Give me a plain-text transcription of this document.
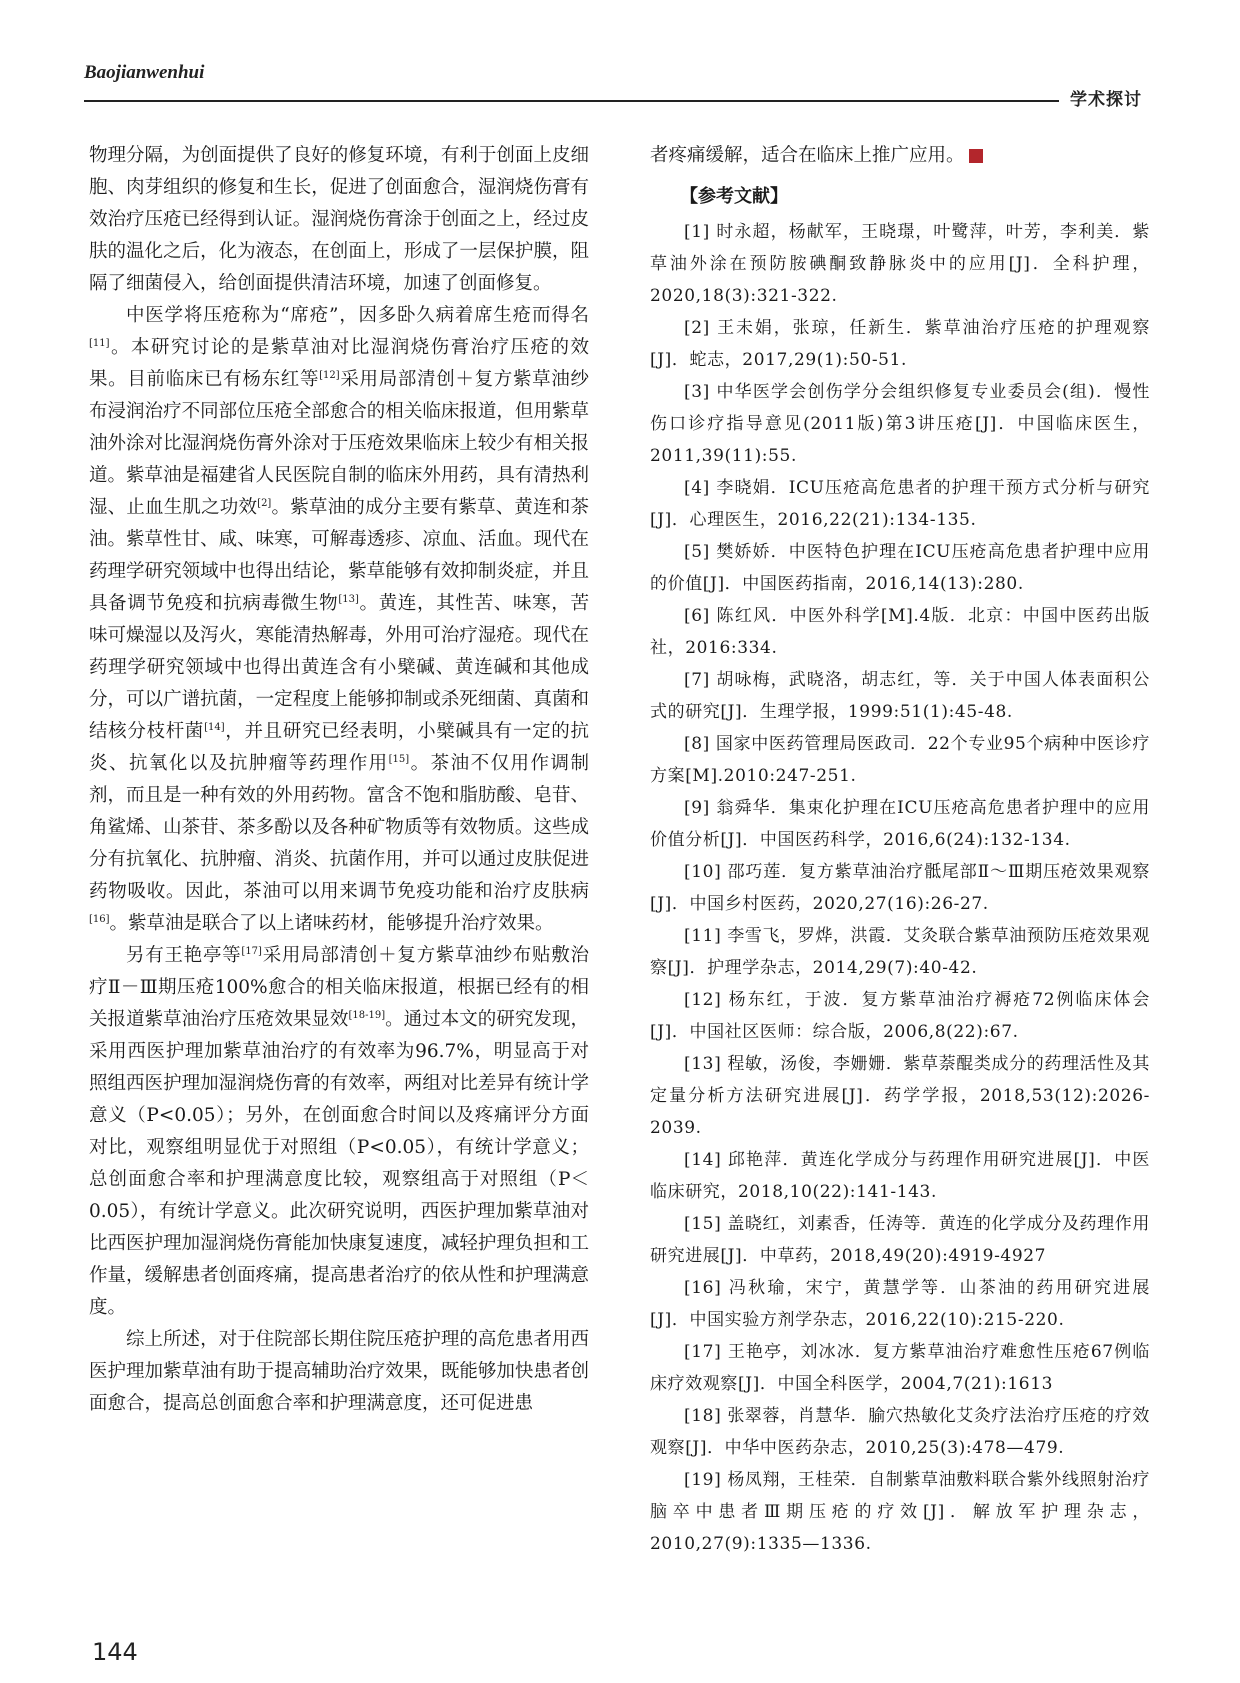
Baojianwenhui
学术探讨

物理分隔，为创面提供了良好的修复环境，有利于创面上皮细胞、肉芽组织的修复和生长，促进了创面愈合，湿润烧伤膏有效治疗压疮已经得到认证。湿润烧伤膏涂于创面之上，经过皮肤的温化之后，化为液态，在创面上，形成了一层保护膜，阻隔了细菌侵入，给创面提供清洁环境，加速了创面修复。

中医学将压疮称为“席疮”，因多卧久病着席生疮而得名[11]。本研究讨论的是紫草油对比湿润烧伤膏治疗压疮的效果。目前临床已有杨东红等[12]采用局部清创＋复方紫草油纱布浸润治疗不同部位压疮全部愈合的相关临床报道，但用紫草油外涂对比湿润烧伤膏外涂对于压疮效果临床上较少有相关报道。紫草油是福建省人民医院自制的临床外用药，具有清热利湿、止血生肌之功效[2]。紫草油的成分主要有紫草、黄连和茶油。紫草性甘、咸、味寒，可解毒透疹、凉血、活血。现代在药理学研究领域中也得出结论，紫草能够有效抑制炎症，并且具备调节免疫和抗病毒微生物[13]。黄连，其性苦、味寒，苦味可燥湿以及泻火，寒能清热解毒，外用可治疗湿疮。现代在药理学研究领域中也得出黄连含有小檗碱、黄连碱和其他成分，可以广谱抗菌，一定程度上能够抑制或杀死细菌、真菌和结核分枝杆菌[14]，并且研究已经表明，小檗碱具有一定的抗炎、抗氧化以及抗肿瘤等药理作用[15]。茶油不仅用作调制剂，而且是一种有效的外用药物。富含不饱和脂肪酸、皂苷、角鲨烯、山茶苷、茶多酚以及各种矿物质等有效物质。这些成分有抗氧化、抗肿瘤、消炎、抗菌作用，并可以通过皮肤促进药物吸收。因此，茶油可以用来调节免疫功能和治疗皮肤病[16]。紫草油是联合了以上诸味药材，能够提升治疗效果。

另有王艳亭等[17]采用局部清创＋复方紫草油纱布贴敷治疗Ⅱ－Ⅲ期压疮100%愈合的相关临床报道，根据已经有的相关报道紫草油治疗压疮效果显效[18-19]。通过本文的研究发现，采用西医护理加紫草油治疗的有效率为96.7%，明显高于对照组西医护理加湿润烧伤膏的有效率，两组对比差异有统计学意义（P<0.05）；另外，在创面愈合时间以及疼痛评分方面对比，观察组明显优于对照组（P<0.05），有统计学意义；总创面愈合率和护理满意度比较，观察组高于对照组（P＜0.05），有统计学意义。此次研究说明，西医护理加紫草油对比西医护理加湿润烧伤膏能加快康复速度，减轻护理负担和工作量，缓解患者创面疼痛，提高患者治疗的依从性和护理满意度。

综上所述，对于住院部长期住院压疮护理的高危患者用西医护理加紫草油有助于提高辅助治疗效果，既能够加快患者创面愈合，提高总创面愈合率和护理满意度，还可促进患

者疼痛缓解，适合在临床上推广应用。

【参考文献】

[1] 时永超，杨献军，王晓璟，叶鹭萍，叶芳，李利美．紫草油外涂在预防胺碘酮致静脉炎中的应用[J]．全科护理，2020,18(3):321-322.

[2] 王未娟，张琼，任新生．紫草油治疗压疮的护理观察[J]．蛇志，2017,29(1):50-51.

[3] 中华医学会创伤学分会组织修复专业委员会(组)．慢性伤口诊疗指导意见(2011版)第3讲压疮[J]．中国临床医生，2011,39(11):55.

[4] 李晓娟．ICU压疮高危患者的护理干预方式分析与研究[J]．心理医生，2016,22(21):134-135.

[5] 樊娇娇．中医特色护理在ICU压疮高危患者护理中应用的价值[J]．中国医药指南，2016,14(13):280.

[6] 陈红风．中医外科学[M].4版．北京：中国中医药出版社，2016:334.

[7] 胡咏梅，武晓洛，胡志红，等．关于中国人体表面积公式的研究[J]．生理学报，1999:51(1):45-48.

[8] 国家中医药管理局医政司．22个专业95个病种中医诊疗方案[M].2010:247-251.

[9] 翁舜华．集束化护理在ICU压疮高危患者护理中的应用价值分析[J]．中国医药科学，2016,6(24):132-134.

[10] 邵巧莲．复方紫草油治疗骶尾部Ⅱ～Ⅲ期压疮效果观察[J]．中国乡村医药，2020,27(16):26-27.

[11] 李雪飞，罗烨，洪霞．艾灸联合紫草油预防压疮效果观察[J]．护理学杂志，2014,29(7):40-42.

[12] 杨东红，于波．复方紫草油治疗褥疮72例临床体会[J]．中国社区医师：综合版，2006,8(22):67.

[13] 程敏，汤俊，李姗姗．紫草萘醌类成分的药理活性及其定量分析方法研究进展[J]．药学学报，2018,53(12):2026-2039.

[14] 邱艳萍．黄连化学成分与药理作用研究进展[J]．中医临床研究，2018,10(22):141-143.

[15] 盖晓红，刘素香，任涛等．黄连的化学成分及药理作用研究进展[J]．中草药，2018,49(20):4919-4927

[16] 冯秋瑜，宋宁，黄慧学等．山茶油的药用研究进展[J]．中国实验方剂学杂志，2016,22(10):215-220.

[17] 王艳亭，刘冰冰．复方紫草油治疗难愈性压疮67例临床疗效观察[J]．中国全科医学，2004,7(21):1613

[18] 张翠蓉，肖慧华．腧穴热敏化艾灸疗法治疗压疮的疗效观察[J]．中华中医药杂志，2010,25(3):478—479.

[19] 杨凤翔，王桂荣．自制紫草油敷料联合紫外线照射治疗脑卒中患者Ⅲ期压疮的疗效[J]．解放军护理杂志，2010,27(9):1335—1336.

144
